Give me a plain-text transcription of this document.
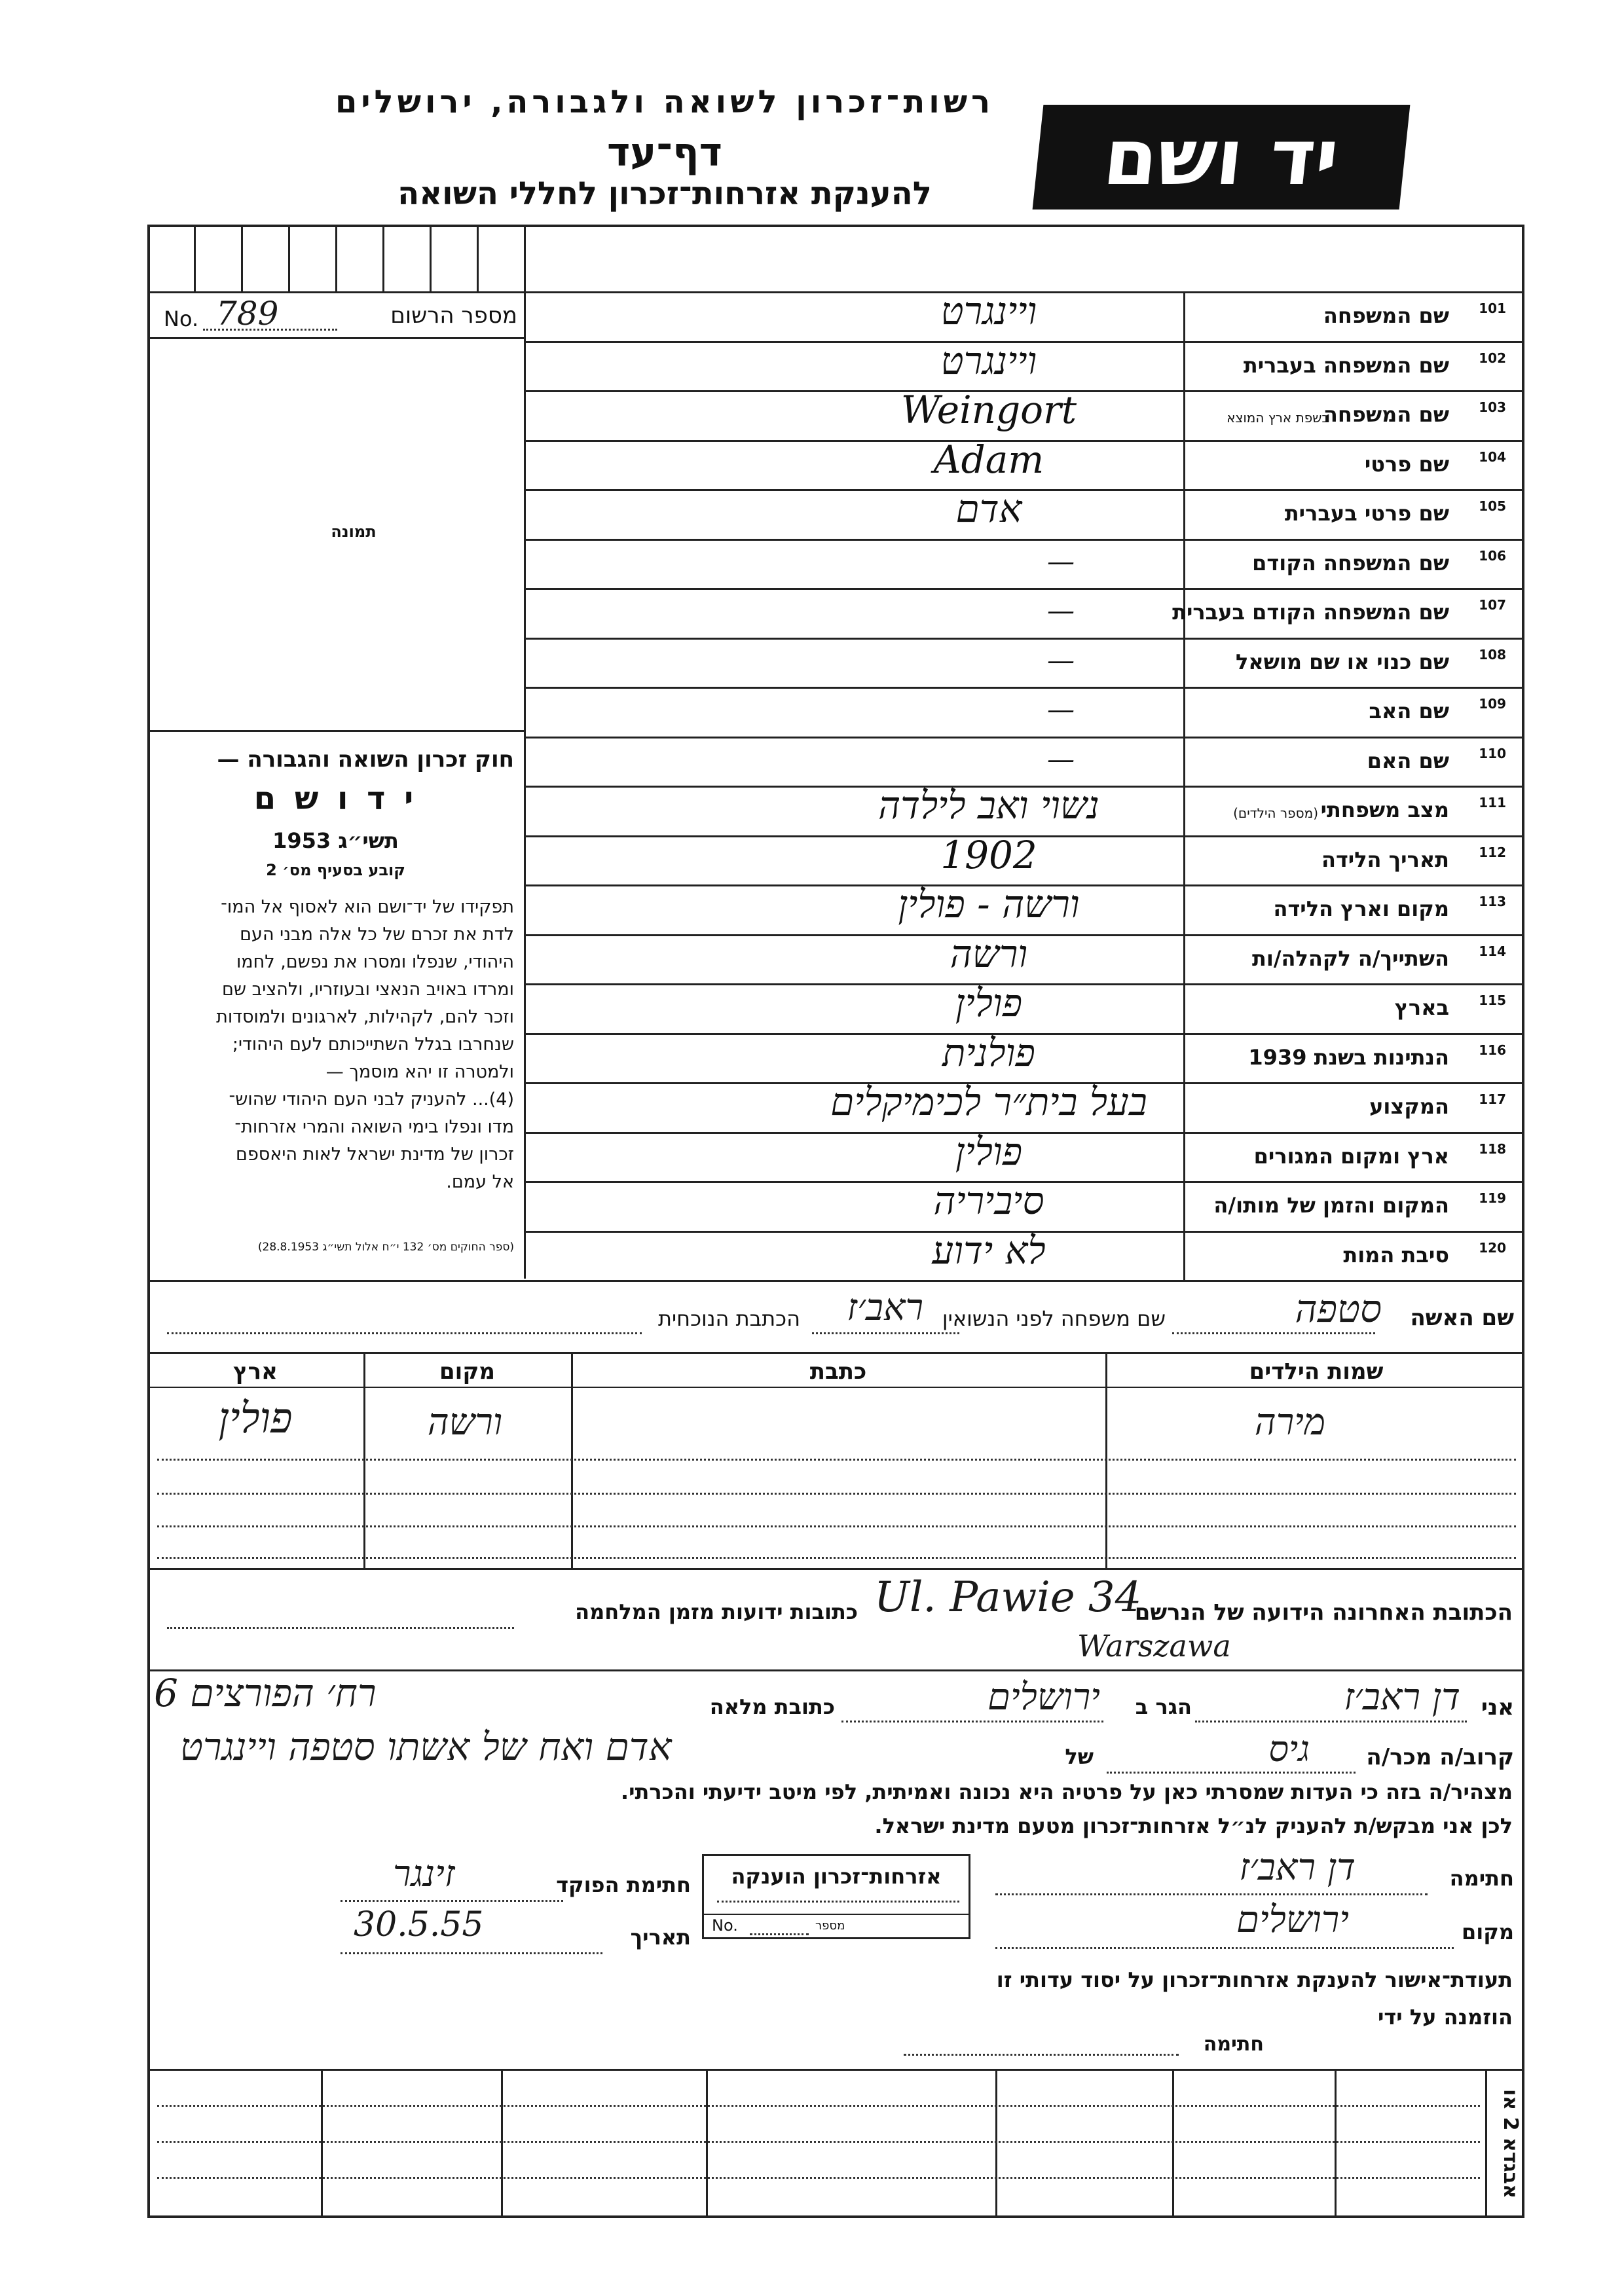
יד ושם
רשות־זכרון לשואה ולגבורה, ירושלים
דף־עד
להענקת אזרחות־זכרון לחללי השואה
No. 789	מספר הרשום
תמונה
חוק זכרון השואה והגבורה —
י ד ו ש ם
תשי״ג 1953
קובע בסעיף מס׳ 2
תפקידו של יד־ושם הוא לאסוף אל המו־
לדת את זכרם של כל אלה מבני העם
היהודי, שנפלו ומסרו את נפשם, לחמו
ומרדו באויב הנאצי ובעוזריו, ולהציב שם
וזכר להם, לקהילות, לארגונים ולמוסדות
שנחרבו בגלל השתייכותם לעם היהודי;
ולמטרה זו יהא מוסמך —
(4)... להעניק לבני העם היהודי שהוש־
מדו ונפלו בימי השואה והמרי אזרחות־
זכרון של מדינת ישראל לאות היאספם
אל עמם.
(ספר החוקים מס׳ 132 י״ח אלול תשי״ג 28.8.1953)
101
שם המשפחה
ויינגרט
102
שם המשפחה בעברית
ויינגרט
103
שם המשפחה
בשפת ארץ המוצא
Weingort
104
שם פרטי
Adam
105
שם פרטי בעברית
אדם
106
שם המשפחה הקודם
—
107
שם המשפחה הקודם בעברית
—
108
שם כנוי או שם מושאל
—
109
שם האב
—
110
שם האם
—
111
מצב משפחתי
(מספר הילדים)
נשוי ואב לילדה
112
תאריך הלידה
1902
113
מקום וארץ הלידה
ורשה - פולין
114
השתייך/ה לקהלה/ות
ורשה
115
בארץ
פולין
116
הנתינות בשנת 1939
פולנית
117
המקצוע
בעל בית״ר לכימיקלים
118
ארץ ומקום המגורים
פולין
119
המקום והזמן של מותו/ה
סיביריה
120
סיבת המות
לא ידוע
שם האשה
סטפה
שם משפחה לפני הנשואין
ראב׳ז
הכתבת הנוכחית
שמות הילדים
כתבת
מקום
ארץ
מירה
ורשה
פולין
הכתובת האחרונה הידועה של הנרשם
Ul. Pawie 34
Warszawa
כתובות ידועות מזמן המלחמה
אני
דן ראב׳ז
הגר ב
ירושלים
כתובת מלאה
רח׳ הפורצים 6
קרוב/ה מכר/ה
גיס
של
אדם ואח של אשתו סטפה ויינגרט
מצהיר/ה בזה כי העדות שמסרתי כאן על פרטיה היא נכונה ואמיתית, לפי מיטב ידיעתי והכרתי.
לכן אני מבקש/ת להעניק לנ״ל אזרחות־זכרון מטעם מדינת ישראל.
חתימה
דן ראב׳ז
מקום
ירושלים
אזרחות־זכרון הוענקה
No.	מספר
חתימת הפוקד
זינגר
תאריך
30.5.55
תעודת־אישור להענקת אזרחות־זכרון על יסוד עדותי זו
הוזמנה על ידי
חתימה
אבגדא 2 או
